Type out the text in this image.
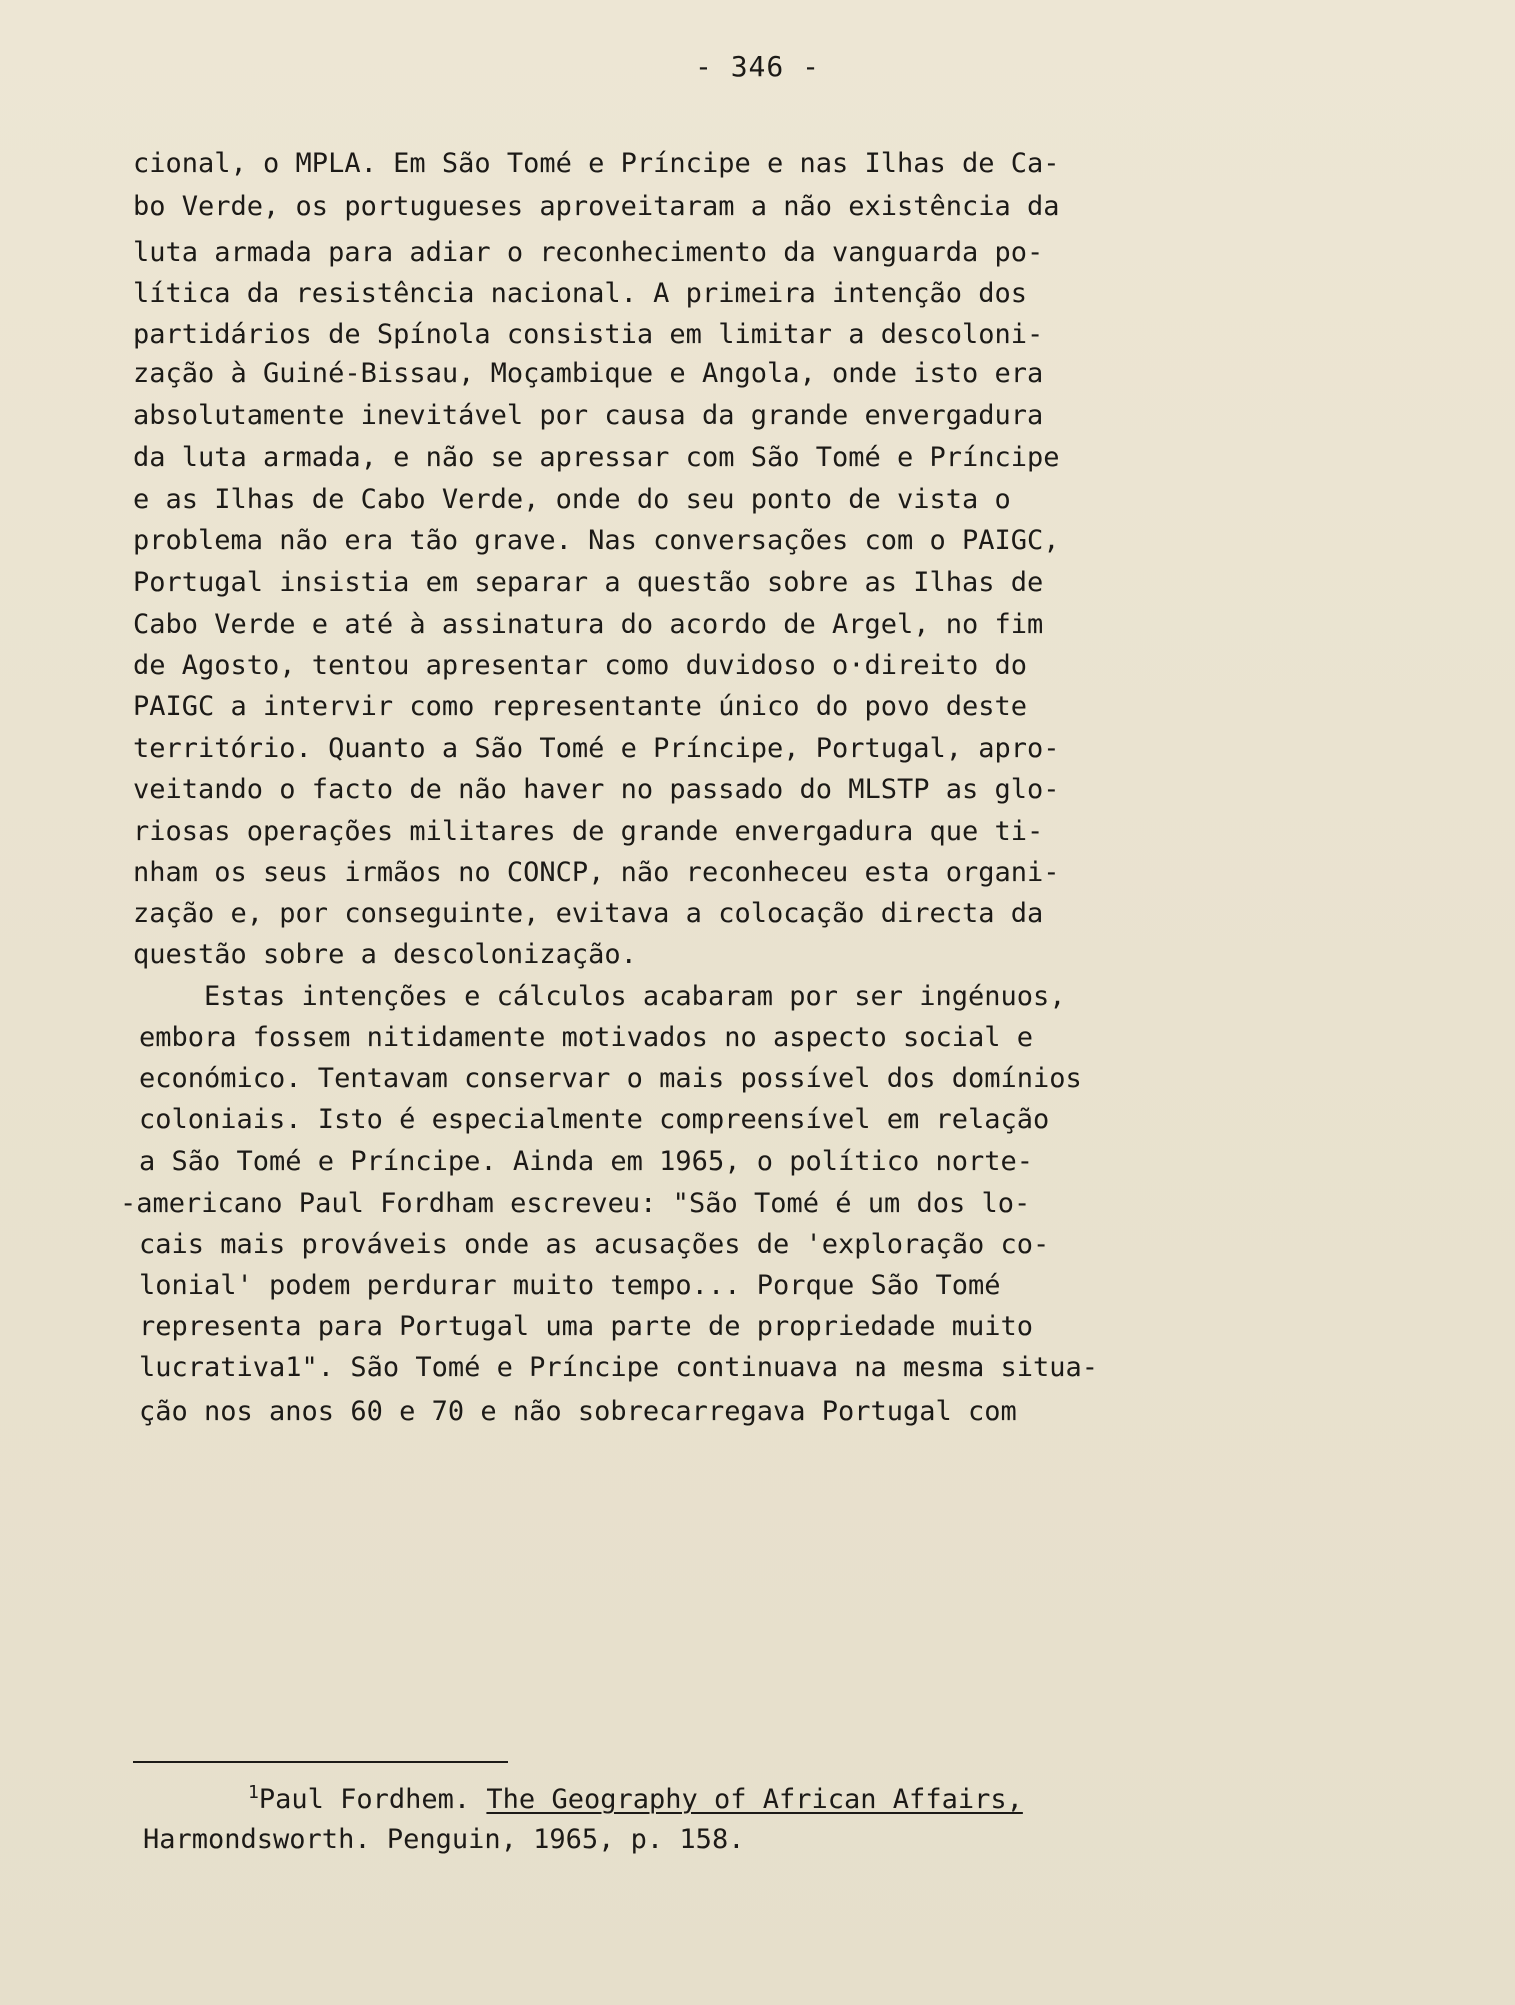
- 346 -
cional, o MPLA. Em São Tomé e Príncipe e nas Ilhas de Ca-
bo Verde, os portugueses aproveitaram a não existência da
luta armada para adiar o reconhecimento da vanguarda po-
lítica da resistência nacional. A primeira intenção dos
partidários de Spínola consistia em limitar a descoloni-
zação à Guiné-Bissau, Moçambique e Angola, onde isto era
absolutamente inevitável por causa da grande envergadura
da luta armada, e não se apressar com São Tomé e Príncipe
e as Ilhas de Cabo Verde, onde do seu ponto de vista o
problema não era tão grave. Nas conversações com o PAIGC,
Portugal insistia em separar a questão sobre as Ilhas de
Cabo Verde e até à assinatura do acordo de Argel, no fim
de Agosto, tentou apresentar como duvidoso o·direito do
PAIGC a intervir como representante único do povo deste
território. Quanto a São Tomé e Príncipe, Portugal, apro-
veitando o facto de não haver no passado do MLSTP as glo-
riosas operações militares de grande envergadura que ti-
nham os seus irmãos no CONCP, não reconheceu esta organi-
zação e, por conseguinte, evitava a colocação directa da
questão sobre a descolonização.
Estas intenções e cálculos acabaram por ser ingénuos,
embora fossem nitidamente motivados no aspecto social e
económico. Tentavam conservar o mais possível dos domínios
coloniais. Isto é especialmente compreensível em relação
a São Tomé e Príncipe. Ainda em 1965, o político norte-
-americano Paul Fordham escreveu: "São Tomé é um dos lo-
cais mais prováveis onde as acusações de 'exploração co-
lonial' podem perdurar muito tempo... Porque São Tomé
representa para Portugal uma parte de propriedade muito
lucrativa1". São Tomé e Príncipe continuava na mesma situa-
ção nos anos 60 e 70 e não sobrecarregava Portugal com
$^1$Paul Fordhem. The Geography of African Affairs,
Harmondsworth. Penguin, 1965, p. 158.
